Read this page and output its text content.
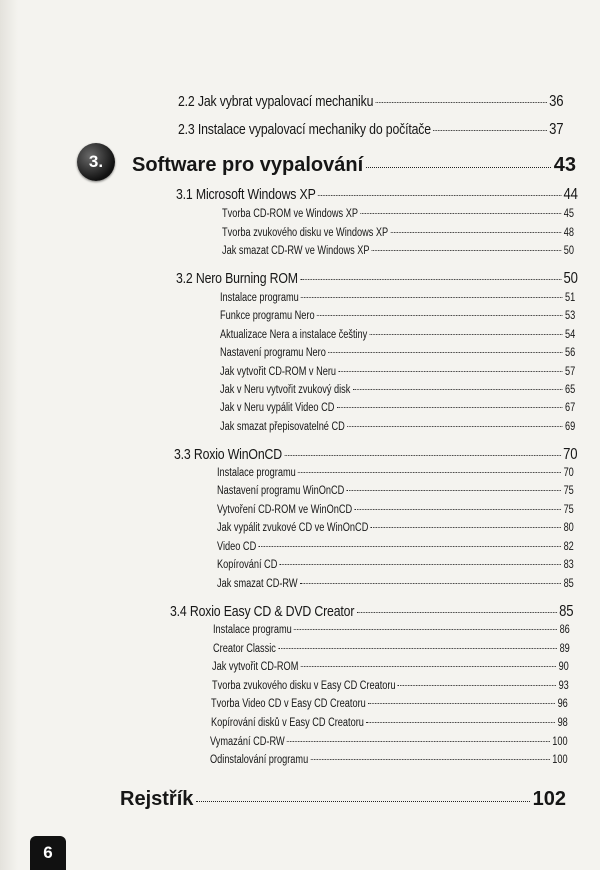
2.2 Jak vybrat vypalovací mechaniku	36
2.3 Instalace vypalovací mechaniky do počítače	37
3.	Software pro vypalování	43
3.1 Microsoft Windows XP	44
Tvorba CD-ROM ve Windows XP	45
Tvorba zvukového disku ve Windows XP	48
Jak smazat CD-RW ve Windows XP	50
3.2 Nero Burning ROM	50
Instalace programu	51
Funkce programu Nero	53
Aktualizace Nera a instalace češtiny	54
Nastavení programu Nero	56
Jak vytvořit CD-ROM v Neru	57
Jak v Neru vytvořit zvukový disk	65
Jak v Neru vypálit Video CD	67
Jak smazat přepisovatelné CD	69
3.3 Roxio WinOnCD	70
Instalace programu	70
Nastavení programu WinOnCD	75
Vytvoření CD-ROM ve WinOnCD	75
Jak vypálit zvukové CD ve WinOnCD	80
Video CD	82
Kopírování CD	83
Jak smazat CD-RW	85
3.4 Roxio Easy CD & DVD Creator	85
Instalace programu	86
Creator Classic	89
Jak vytvořit CD-ROM	90
Tvorba zvukového disku v Easy CD Creatoru	93
Tvorba Video CD v Easy CD Creatoru	96
Kopírování disků v Easy CD Creatoru	98
Vymazání CD-RW	100
Odinstalování programu	100
Rejstřík	102
6
